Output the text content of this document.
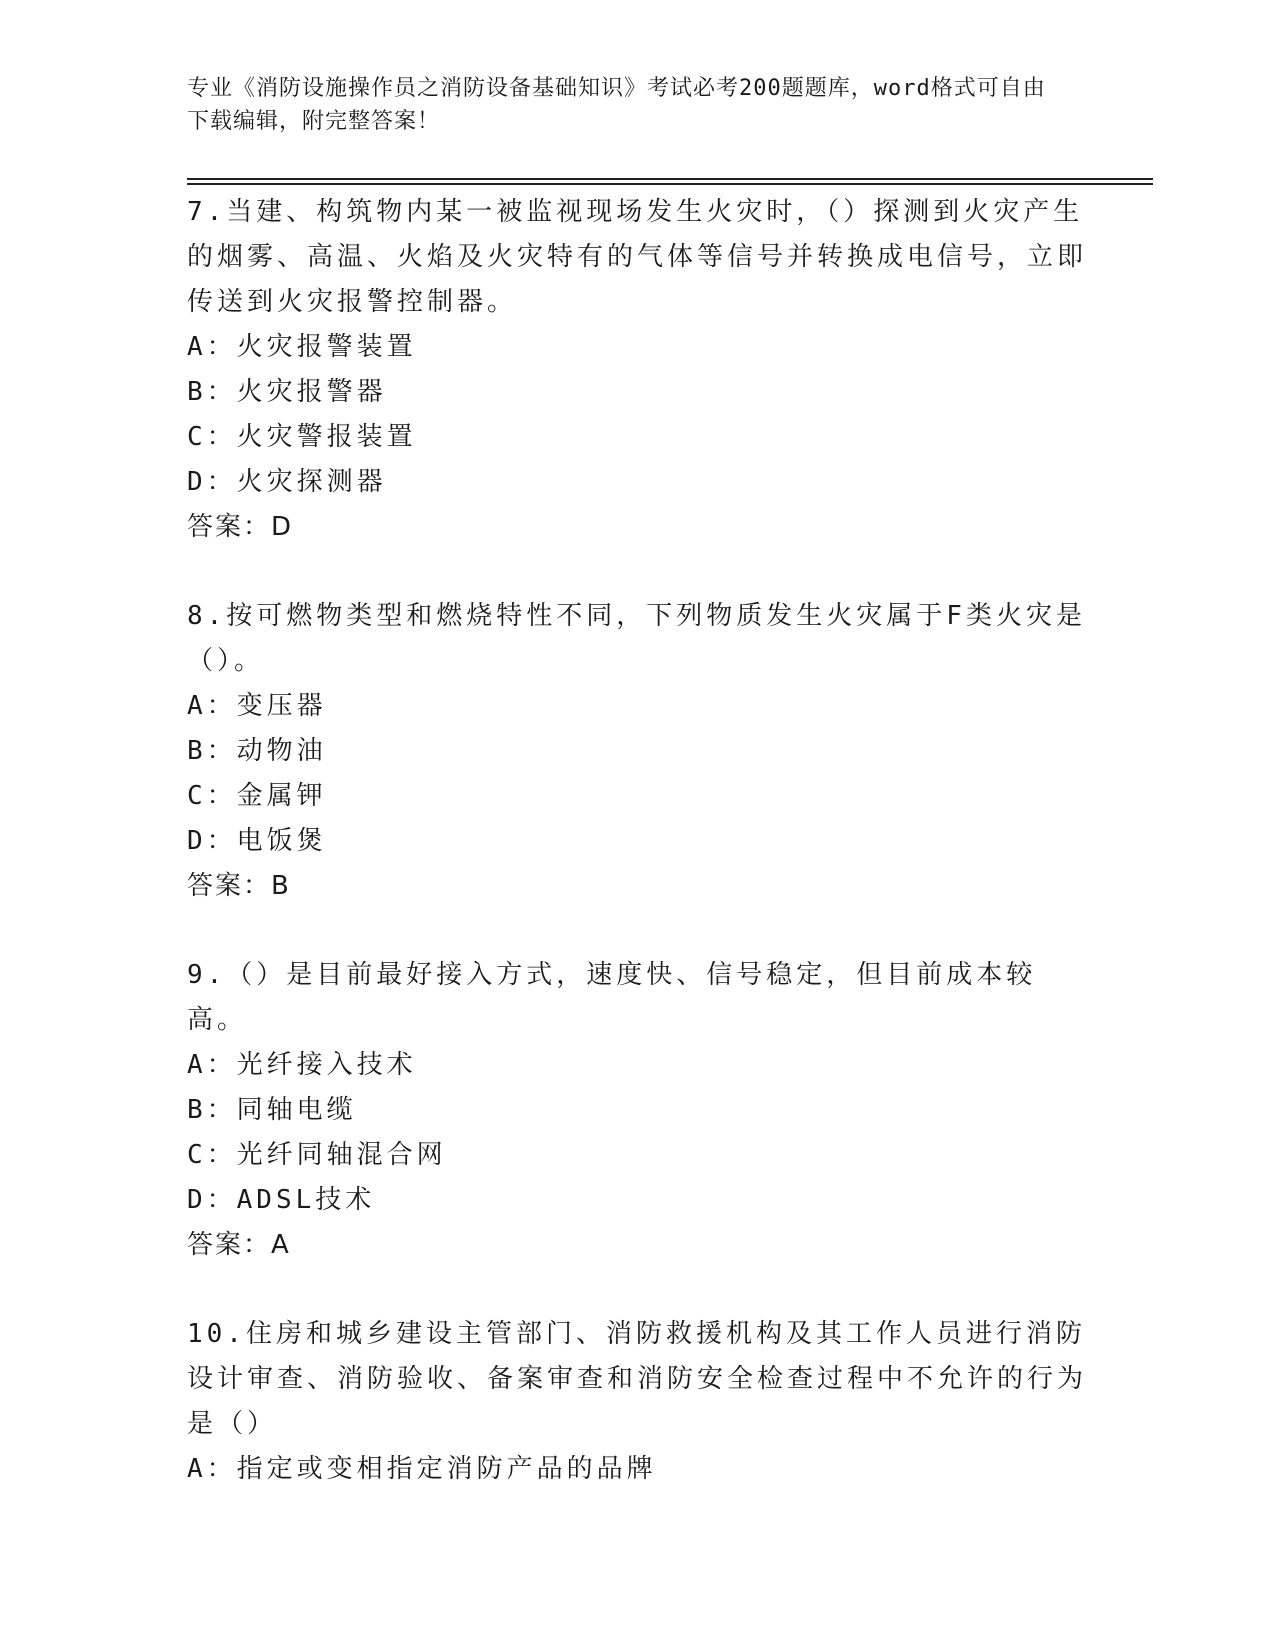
专业《消防设施操作员之消防设备基础知识》考试必考200题题库，word格式可自由下载编辑，附完整答案！

7.当建、构筑物内某一被监视现场发生火灾时，（）探测到火灾产生的烟雾、高温、火焰及火灾特有的气体等信号并转换成电信号，立即传送到火灾报警控制器。

A：火灾报警装置

B：火灾报警器

C：火灾警报装置

D：火灾探测器

答案：D

8.按可燃物类型和燃烧特性不同，下列物质发生火灾属于F类火灾是（）。

A：变压器

B：动物油

C：金属钾

D：电饭煲

答案：B

9.（）是目前最好接入方式，速度快、信号稳定，但目前成本较高。

A：光纤接入技术

B：同轴电缆

C：光纤同轴混合网

D：ADSL技术

答案：A

10.住房和城乡建设主管部门、消防救援机构及其工作人员进行消防设计审查、消防验收、备案审查和消防安全检查过程中不允许的行为是（）

A：指定或变相指定消防产品的品牌
